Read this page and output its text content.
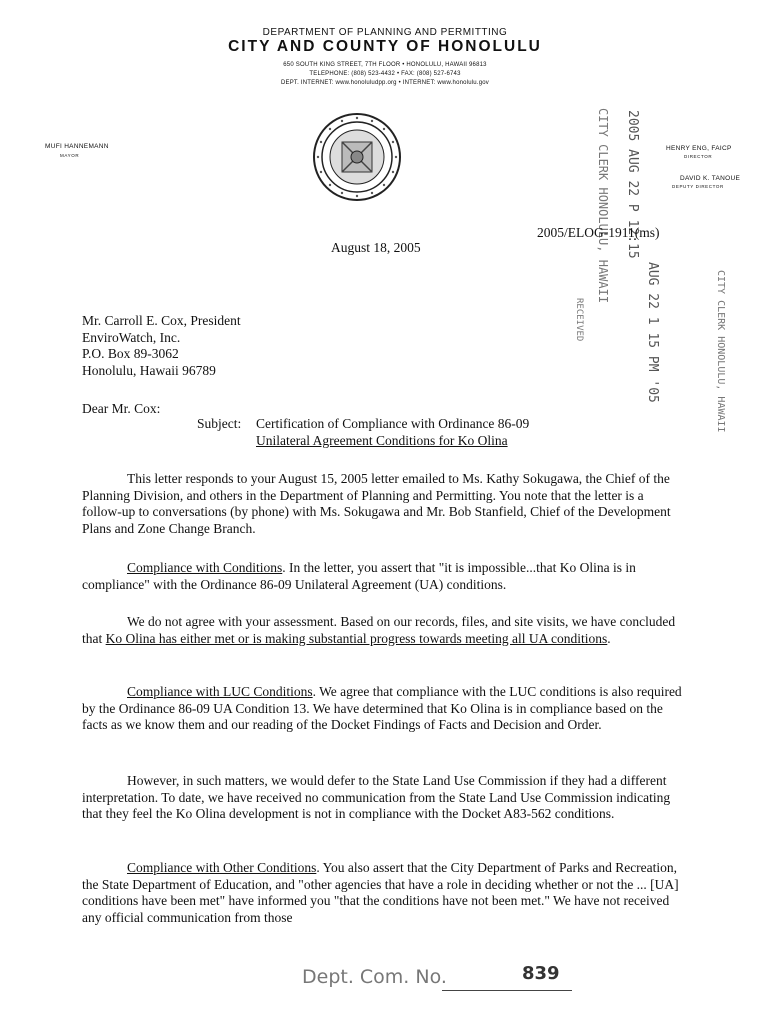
DEPARTMENT OF PLANNING AND PERMITTING
CITY AND COUNTY OF HONOLULU
650 SOUTH KING STREET, 7TH FLOOR • HONOLULU, HAWAII 96813
TELEPHONE: (808) 523-4432 • FAX: (808) 527-6743
DEPT. INTERNET: www.honoluludpp.org • INTERNET: www.honolulu.gov
MUFI HANNEMANN
MAYOR
HENRY ENG, FAICP
DIRECTOR
DAVID K. TANOUE
DEPUTY DIRECTOR
2005 AUG 22 P 12:15
CITY CLERK HONOLULU, HAWAII
AUG 22 1 15 PM '05	CITY CLERK HONOLULU, HAWAII
RECEIVED
2005/ELOG-1911(ms)
August 18, 2005
Mr. Carroll E. Cox, President
EnviroWatch, Inc.
P.O. Box 89-3062
Honolulu, Hawaii 96789
Dear Mr. Cox:
Subject: Certification of Compliance with Ordinance 86-09
Unilateral Agreement Conditions for Ko Olina
This letter responds to your August 15, 2005 letter emailed to Ms. Kathy Sokugawa, the Chief of the Planning Division, and others in the Department of Planning and Permitting. You note that the letter is a follow-up to conversations (by phone) with Ms. Sokugawa and Mr. Bob Stanfield, Chief of the Development Plans and Zone Change Branch.
Compliance with Conditions. In the letter, you assert that "it is impossible...that Ko Olina is in compliance" with the Ordinance 86-09 Unilateral Agreement (UA) conditions.
We do not agree with your assessment. Based on our records, files, and site visits, we have concluded that Ko Olina has either met or is making substantial progress towards meeting all UA conditions.
Compliance with LUC Conditions. We agree that compliance with the LUC conditions is also required by the Ordinance 86-09 UA Condition 13. We have determined that Ko Olina is in compliance based on the facts as we know them and our reading of the Docket Findings of Facts and Decision and Order.
However, in such matters, we would defer to the State Land Use Commission if they had a different interpretation. To date, we have received no communication from the State Land Use Commission indicating that they feel the Ko Olina development is not in compliance with the Docket A83-562 conditions.
Compliance with Other Conditions. You also assert that the City Department of Parks and Recreation, the State Department of Education, and "other agencies that have a role in deciding whether or not the ... [UA] conditions have been met" have informed you "that the conditions have not been met." We have not received any official communication from those
Dept. Com. No.	839
